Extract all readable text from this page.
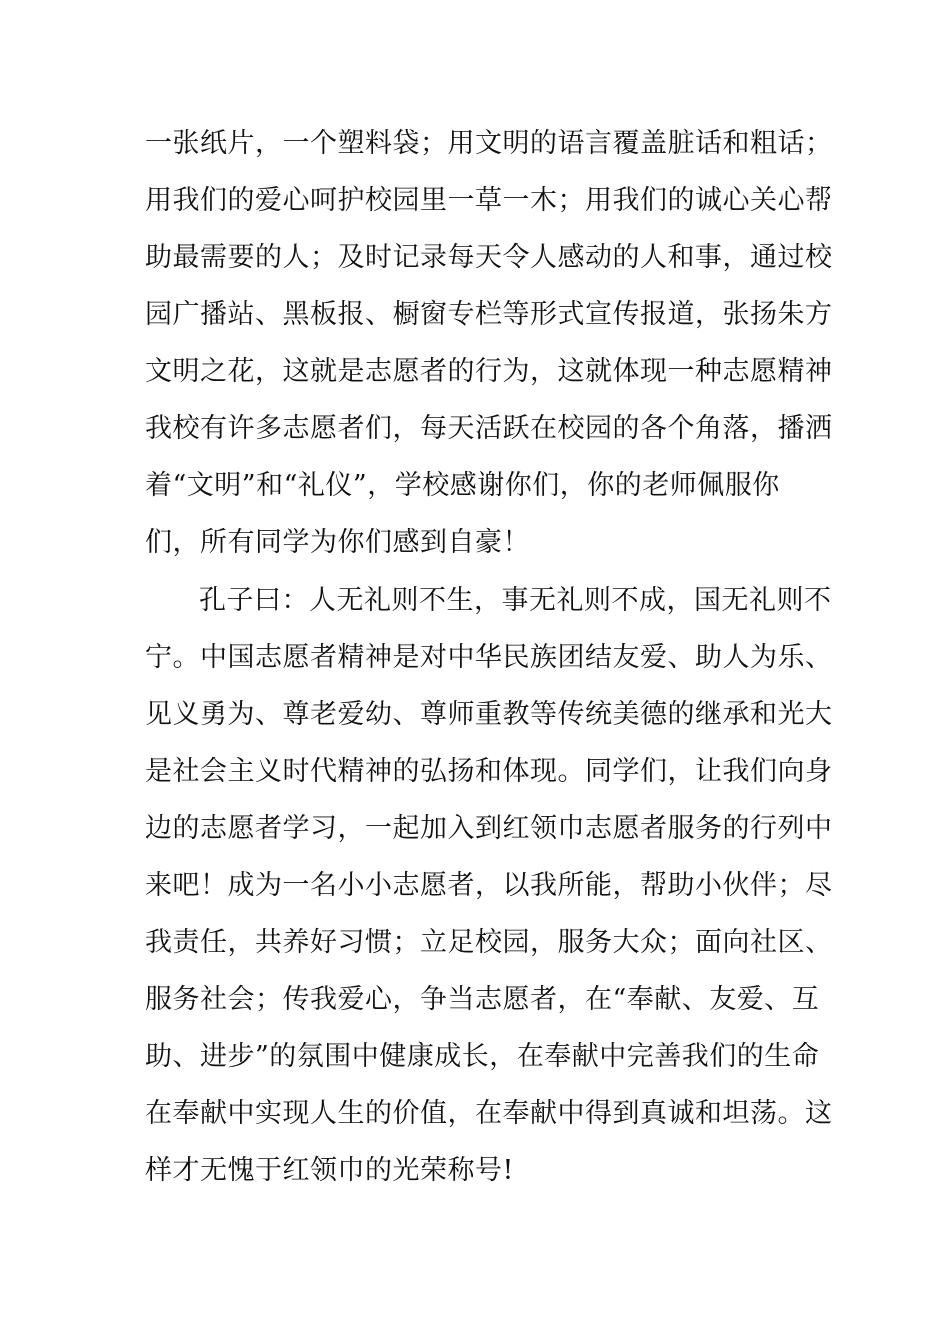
一张纸片，一个塑料袋；用文明的语言覆盖脏话和粗话；
用我们的爱心呵护校园里一草一木；用我们的诚心关心帮
助最需要的人；及时记录每天令人感动的人和事，通过校
园广播站、黑板报、橱窗专栏等形式宣传报道，张扬朱方
文明之花，这就是志愿者的行为，这就体现一种志愿精神
我校有许多志愿者们，每天活跃在校园的各个角落，播洒
着“文明”和“礼仪”，学校感谢你们，你的老师佩服你
们，所有同学为你们感到自豪！
孔子曰：人无礼则不生，事无礼则不成，国无礼则不
宁。中国志愿者精神是对中华民族团结友爱、助人为乐、
见义勇为、尊老爱幼、尊师重教等传统美德的继承和光大
是社会主义时代精神的弘扬和体现。同学们，让我们向身
边的志愿者学习，一起加入到红领巾志愿者服务的行列中
来吧！成为一名小小志愿者，以我所能，帮助小伙伴；尽
我责任，共养好习惯；立足校园，服务大众；面向社区、
服务社会；传我爱心，争当志愿者，在“奉献、友爱、互
助、进步”的氛围中健康成长，在奉献中完善我们的生命
在奉献中实现人生的价值，在奉献中得到真诚和坦荡。这
样才无愧于红领巾的光荣称号!
